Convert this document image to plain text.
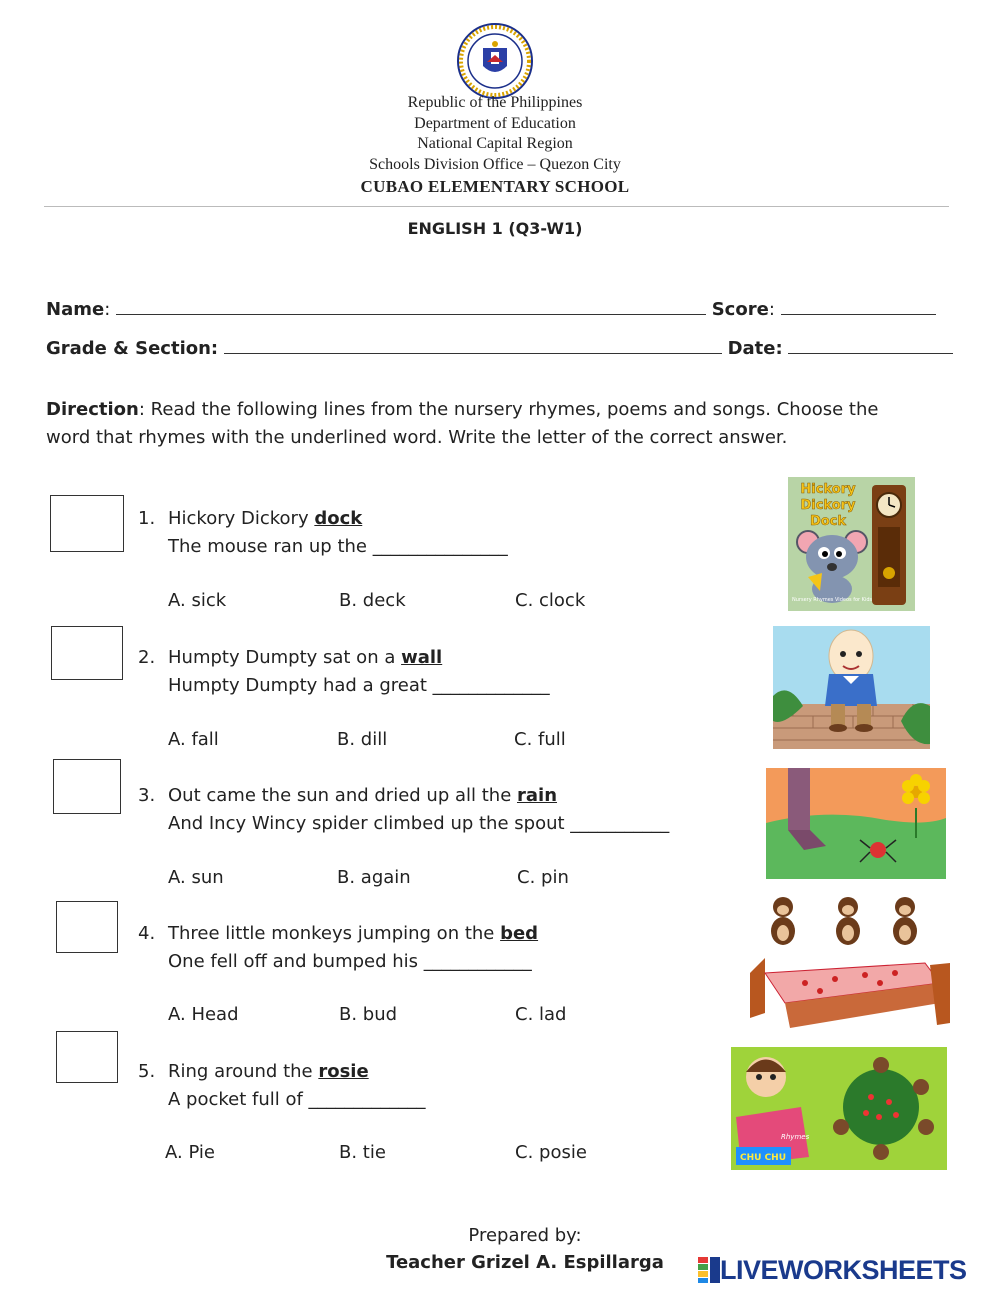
Republic of the Philippines
Department of Education
National Capital Region
Schools Division Office – Quezon City
CUBAO ELEMENTARY SCHOOL
ENGLISH 1 (Q3-W1)
Name:	Score:
Grade & Section:	Date:
Direction: Read the following lines from the nursery rhymes, poems and songs. Choose the word that rhymes with the underlined word. Write the letter of the correct answer.
1. Hickory Dickory dock
The mouse ran up the _______________
A. sick	B. deck	C. clock
2. Humpty Dumpty sat on a wall
Humpty Dumpty had a great _____________
A. fall	B. dill	C. full
3. Out came the sun and dried up all the rain
And Incy Wincy spider climbed up the spout ___________
A. sun	B. again	C. pin
4. Three little monkeys jumping on the bed
One fell off and bumped his ____________
A. Head	B. bud	C. lad
5. Ring around the rosie
A pocket full of _____________
A. Pie	B. tie	C. posie
Hickory
Dickory
Dock
Nursery Rhymes Videos for Kids
Rhymes
CHU CHU
Prepared by:
Teacher Grizel A. Espillarga	LIVEWORKSHEETS
